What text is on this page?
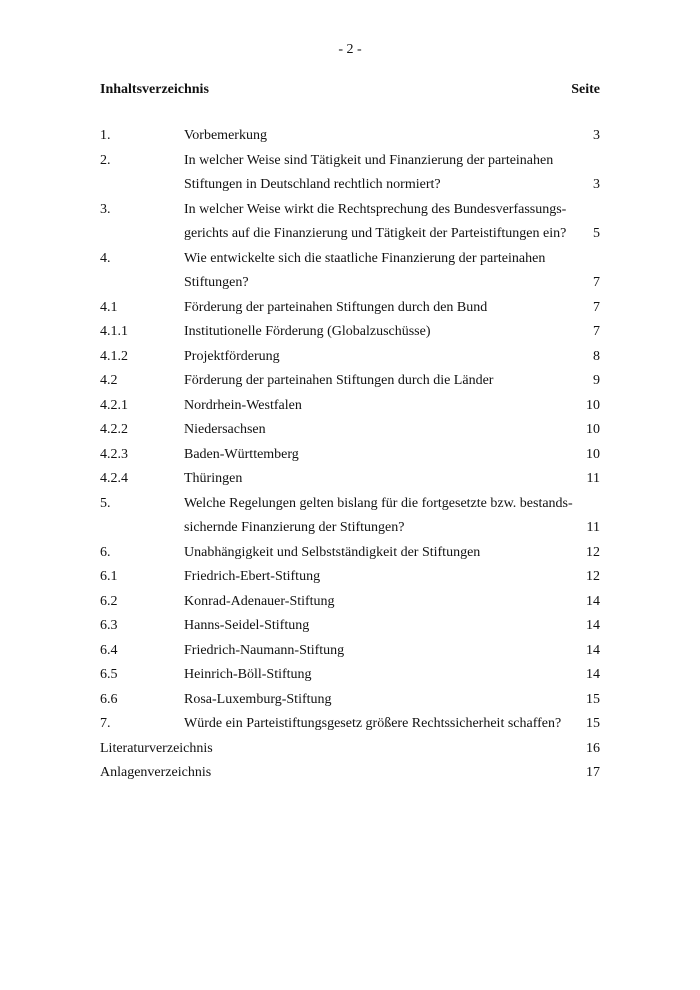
- 2 -
Inhaltsverzeichnis	Seite
1.	Vorbemerkung	3
2.	In welcher Weise sind Tätigkeit und Finanzierung der parteinahen
Stiftungen in Deutschland rechtlich normiert?	3
3.	In welcher Weise wirkt die Rechtsprechung des Bundesverfassungs-
gerichts auf die Finanzierung und Tätigkeit der Parteistiftungen ein? 5
4.	Wie entwickelte sich die staatliche Finanzierung der parteinahen
Stiftungen?	7
4.1	Förderung der parteinahen Stiftungen durch den Bund	7
4.1.1	Institutionelle Förderung (Globalzuschüsse)	7
4.1.2	Projektförderung	8
4.2	Förderung der parteinahen Stiftungen durch die Länder	9
4.2.1	Nordrhein-Westfalen	10
4.2.2	Niedersachsen	10
4.2.3	Baden-Württemberg	10
4.2.4	Thüringen	11
5.	Welche Regelungen gelten bislang für die fortgesetzte bzw. bestands-
sichernde Finanzierung der Stiftungen?	11
6.	Unabhängigkeit und Selbstständigkeit der Stiftungen	12
6.1	Friedrich-Ebert-Stiftung	12
6.2	Konrad-Adenauer-Stiftung	14
6.3	Hanns-Seidel-Stiftung	14
6.4	Friedrich-Naumann-Stiftung	14
6.5	Heinrich-Böll-Stiftung	14
6.6	Rosa-Luxemburg-Stiftung	15
7.	Würde ein Parteistiftungsgesetz größere Rechtssicherheit schaffen? 15
Literaturverzeichnis	16
Anlagenverzeichnis	17
